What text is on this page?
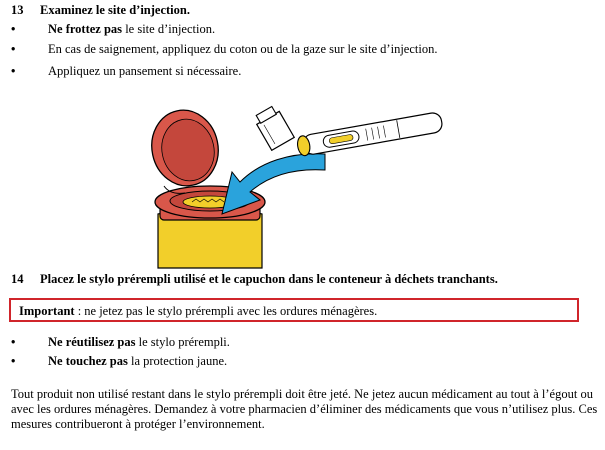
13 Examinez le site d’injection.
•	Ne frottez pas le site d’injection.
•	En cas de saignement, appliquez du coton ou de la gaze sur le site d’injection.
•	Appliquez un pansement si nécessaire.
14 Placez le stylo prérempli utilisé et le capuchon dans le conteneur à déchets tranchants.
Important : ne jetez pas le stylo prérempli avec les ordures ménagères.
•	Ne réutilisez pas le stylo prérempli.
•	Ne touchez pas la protection jaune.
Tout produit non utilisé restant dans le stylo prérempli doit être jeté. Ne jetez aucun médicament au tout à l’égout ou avec les ordures ménagères. Demandez à votre pharmacien d’éliminer des médicaments que vous n’utilisez plus. Ces mesures contribueront à protéger l’environnement.
